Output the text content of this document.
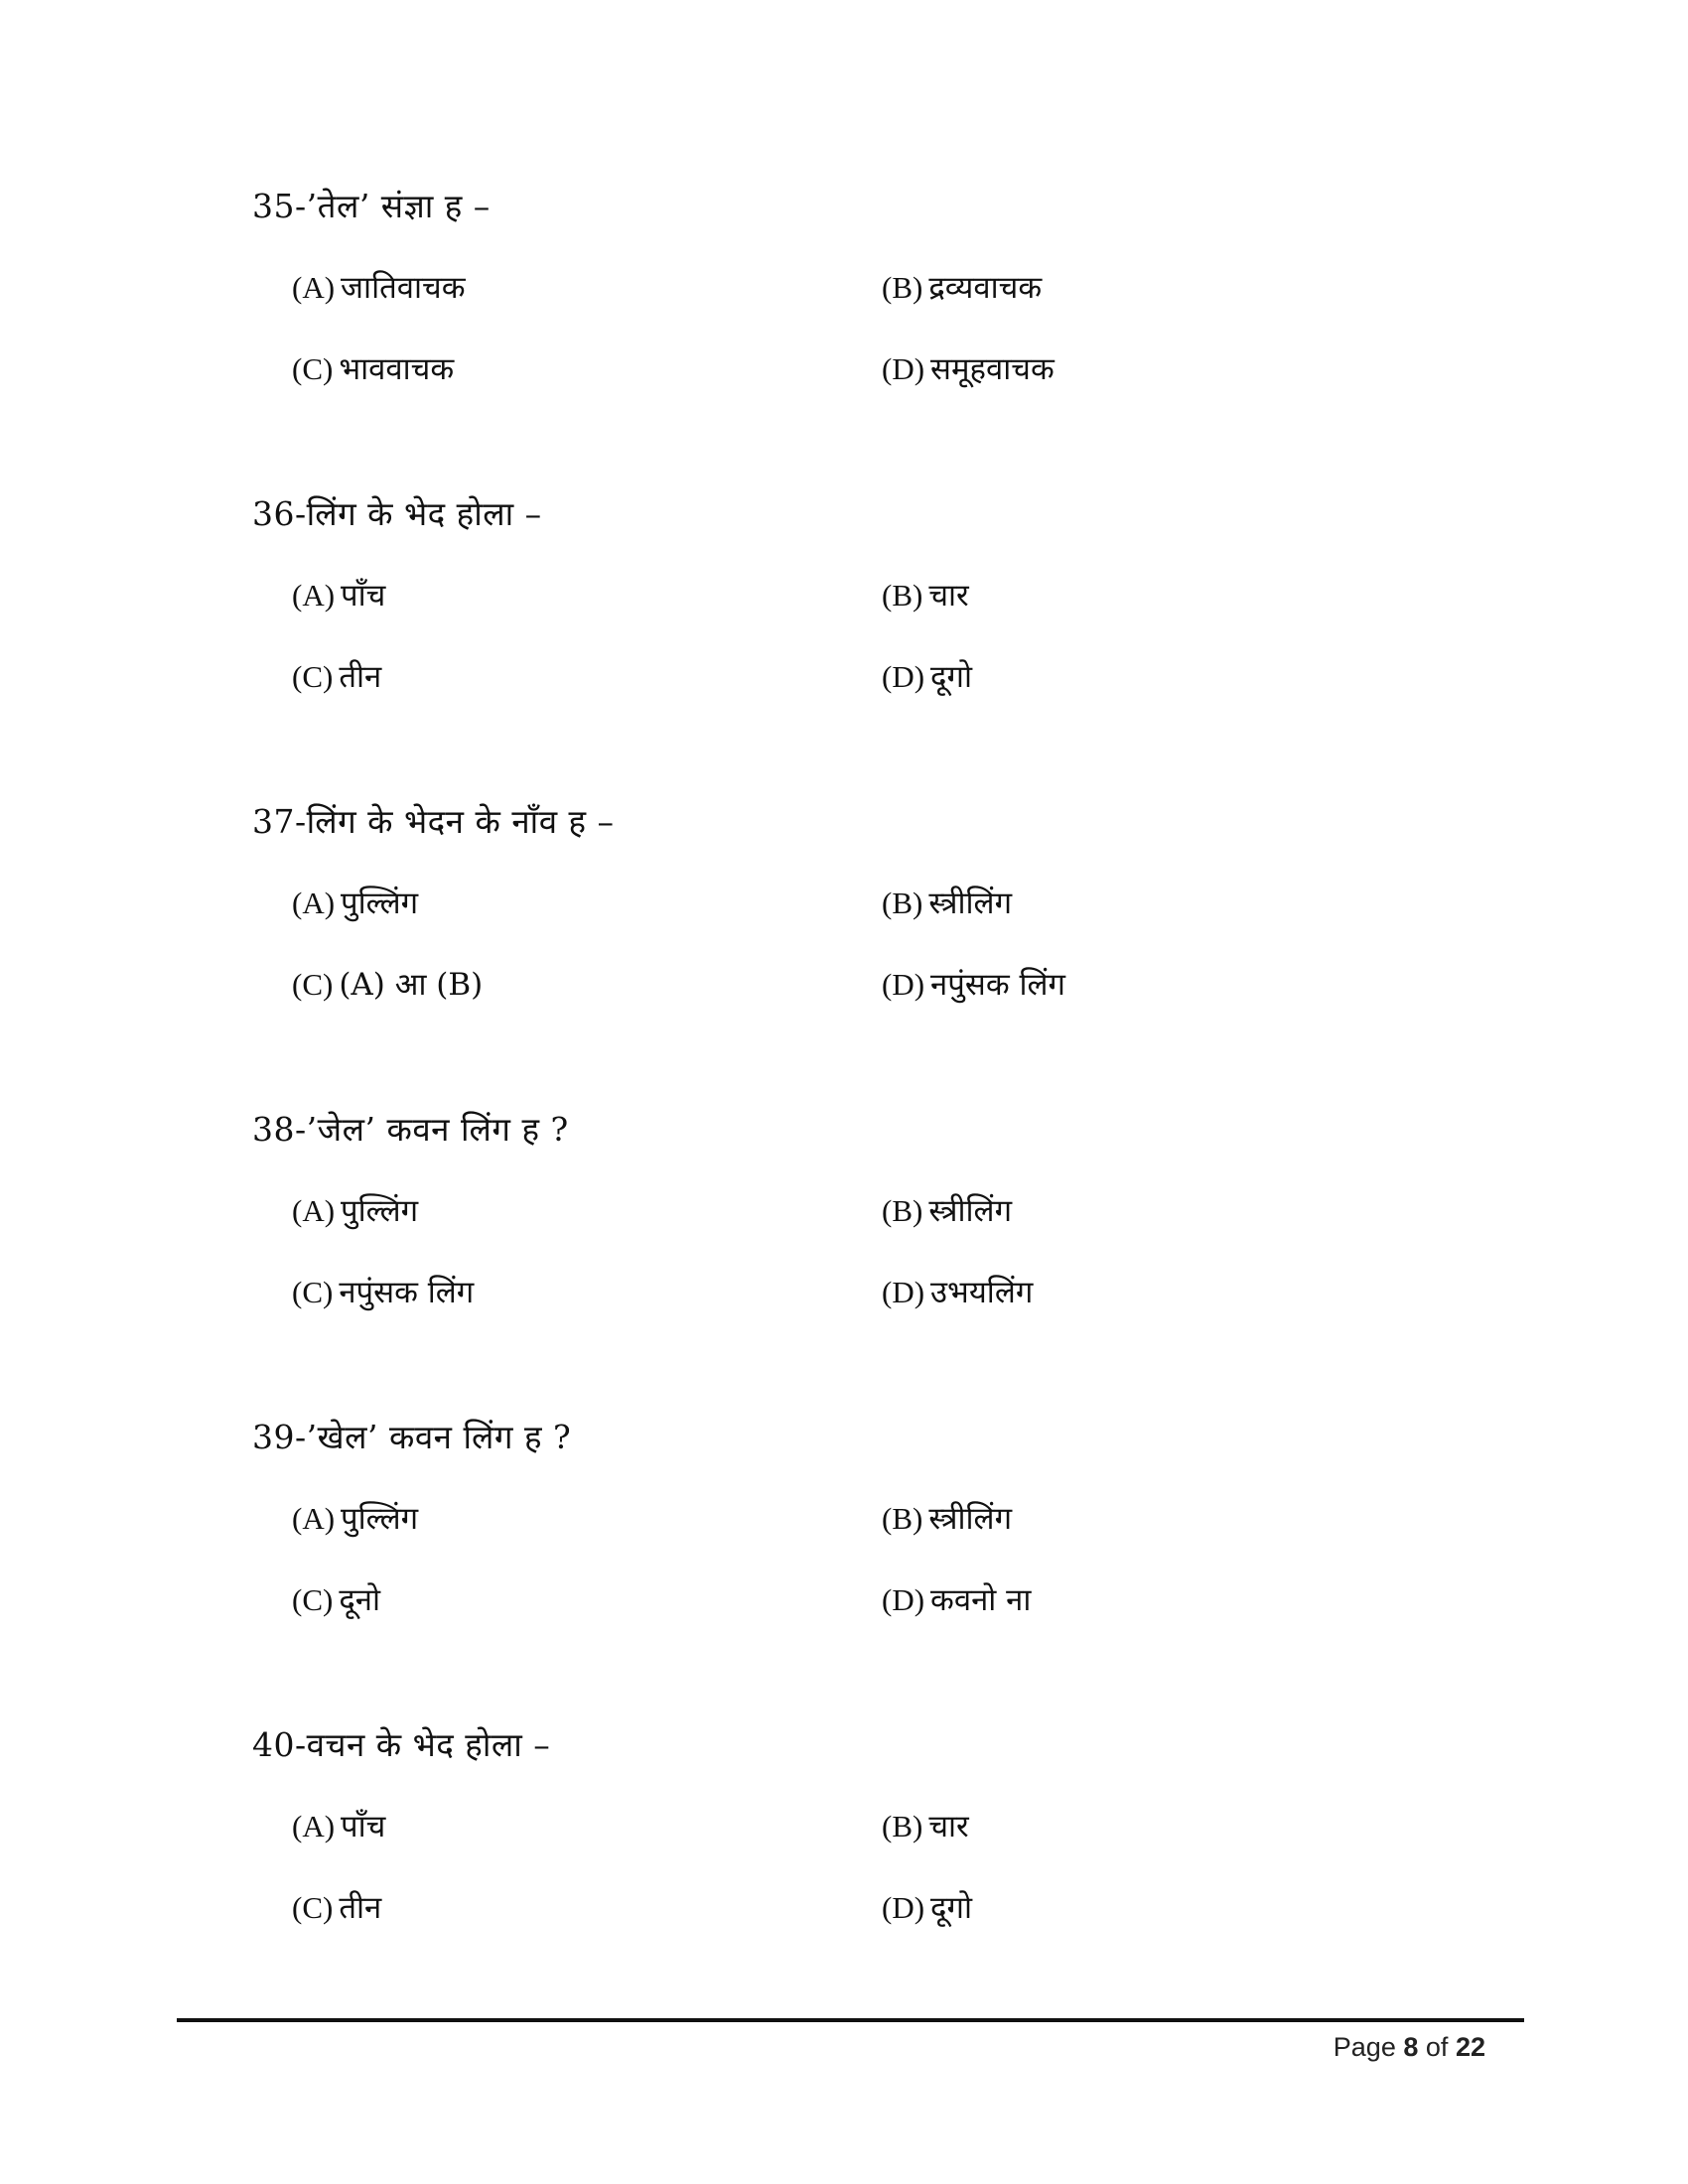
35-’तेल’ संज्ञा ह –
(A) जातिवाचक	(B) द्रव्यवाचक
(C) भाववाचक	(D) समूहवाचक
36-लिंग के भेद होला –
(A) पाँच	(B) चार
(C) तीन	(D) दूगो
37-लिंग के भेदन के नाँव ह –
(A) पुल्लिंग	(B) स्त्रीलिंग
(C) (A) आ (B)	(D) नपुंसक लिंग
38-’जेल’ कवन लिंग ह ?
(A) पुल्लिंग	(B) स्त्रीलिंग
(C) नपुंसक लिंग	(D) उभयलिंग
39-’खेल’ कवन लिंग ह ?
(A) पुल्लिंग	(B) स्त्रीलिंग
(C) दूनो	(D) कवनो ना
40-वचन के भेद होला –
(A) पाँच	(B) चार
(C) तीन	(D) दूगो
Page 8 of 22
